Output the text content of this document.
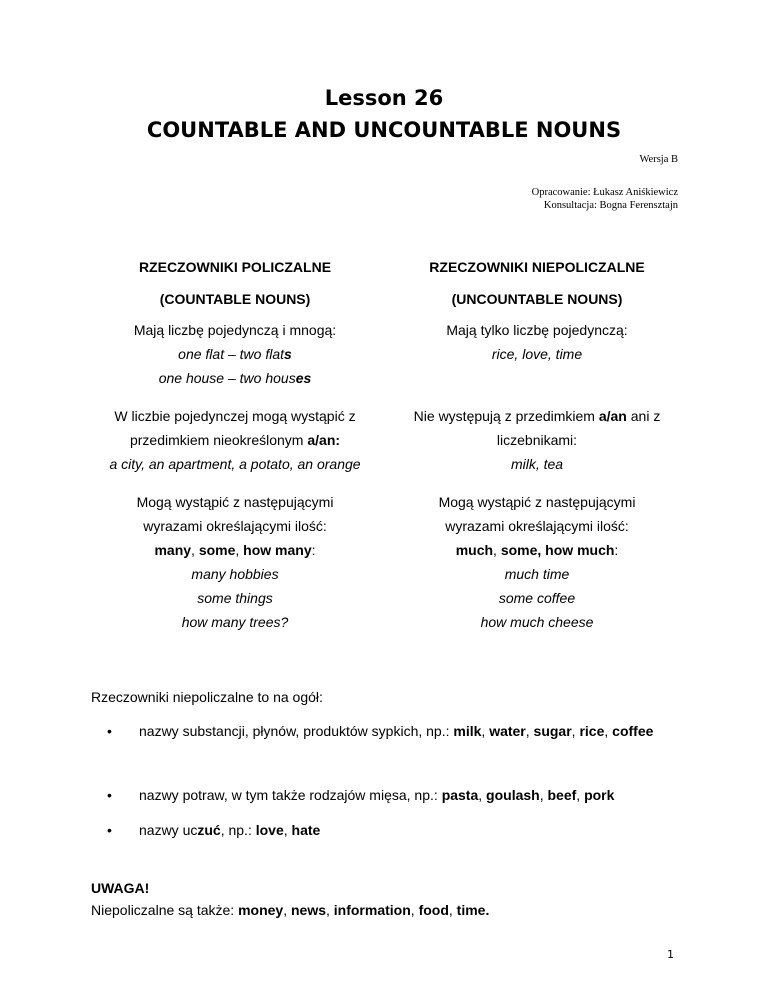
Lesson 26
COUNTABLE AND UNCOUNTABLE NOUNS
Wersja B
Opracowanie: Łukasz Aniśkiewicz
Konsultacja: Bogna Ferensztajn
RZECZOWNIKI POLICZALNE
(COUNTABLE NOUNS)
Mają liczbę pojedynczą i mnogą:
one flat – two flats
one house – two houses
W liczbie pojedynczej mogą wystąpić z
przedimkiem nieokreślonym a/an:
a city, an apartment, a potato, an orange
Mogą wystąpić z następującymi
wyrazami określającymi ilość:
many, some, how many:
many hobbies
some things
how many trees?
RZECZOWNIKI NIEPOLICZALNE
(UNCOUNTABLE NOUNS)
Mają tylko liczbę pojedynczą:
rice, love, time
Nie występują z przedimkiem a/an ani z
liczebnikami:
milk, tea
Mogą wystąpić z następującymi
wyrazami określającymi ilość:
much, some, how much:
much time
some coffee
how much cheese
Rzeczowniki niepoliczalne to na ogół:
• nazwy substancji, płynów, produktów sypkich, np.: milk, water, sugar, rice, coffee
• nazwy potraw, w tym także rodzajów mięsa, np.: pasta, goulash, beef, pork
• nazwy uczuć, np.: love, hate
UWAGA!
Niepoliczalne są także: money, news, information, food, time.
1
